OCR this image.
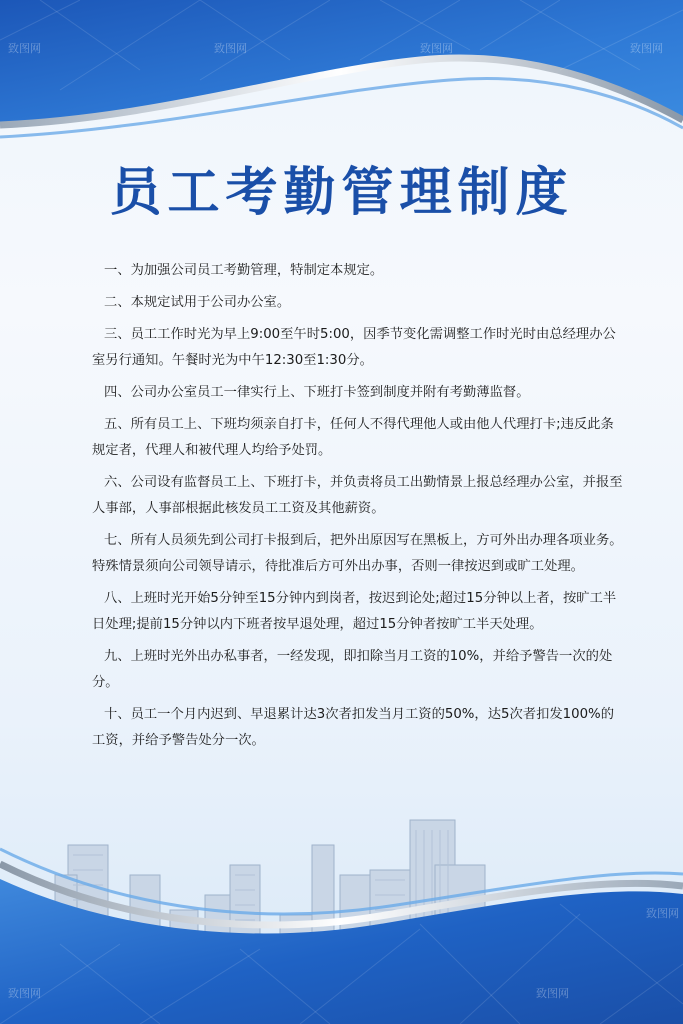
致图网	致图网	致图网	致图网
员工考勤管理制度

一、为加强公司员工考勤管理，特制定本规定。

二、本规定试用于公司办公室。

三、员工工作时光为早上9:00至午时5:00，因季节变化需调整工作时光时由总经理办公室另行通知。午餐时光为中午12:30至1:30分。

四、公司办公室员工一律实行上、下班打卡签到制度并附有考勤薄监督。

五、所有员工上、下班均须亲自打卡，任何人不得代理他人或由他人代理打卡;违反此条规定者，代理人和被代理人均给予处罚。

六、公司设有监督员工上、下班打卡，并负责将员工出勤情景上报总经理办公室，并报至人事部，人事部根据此核发员工工资及其他薪资。

七、所有人员须先到公司打卡报到后，把外出原因写在黑板上，方可外出办理各项业务。特殊情景须向公司领导请示，待批准后方可外出办事，否则一律按迟到或旷工处理。

八、上班时光开始5分钟至15分钟内到岗者，按迟到论处;超过15分钟以上者，按旷工半日处理;提前15分钟以内下班者按早退处理，超过15分钟者按旷工半天处理。

九、上班时光外出办私事者，一经发现，即扣除当月工资的10%，并给予警告一次的处分。

十、员工一个月内迟到、早退累计达3次者扣发当月工资的50%，达5次者扣发100%的工资，并给予警告处分一次。

致图网	致图网
致图网
